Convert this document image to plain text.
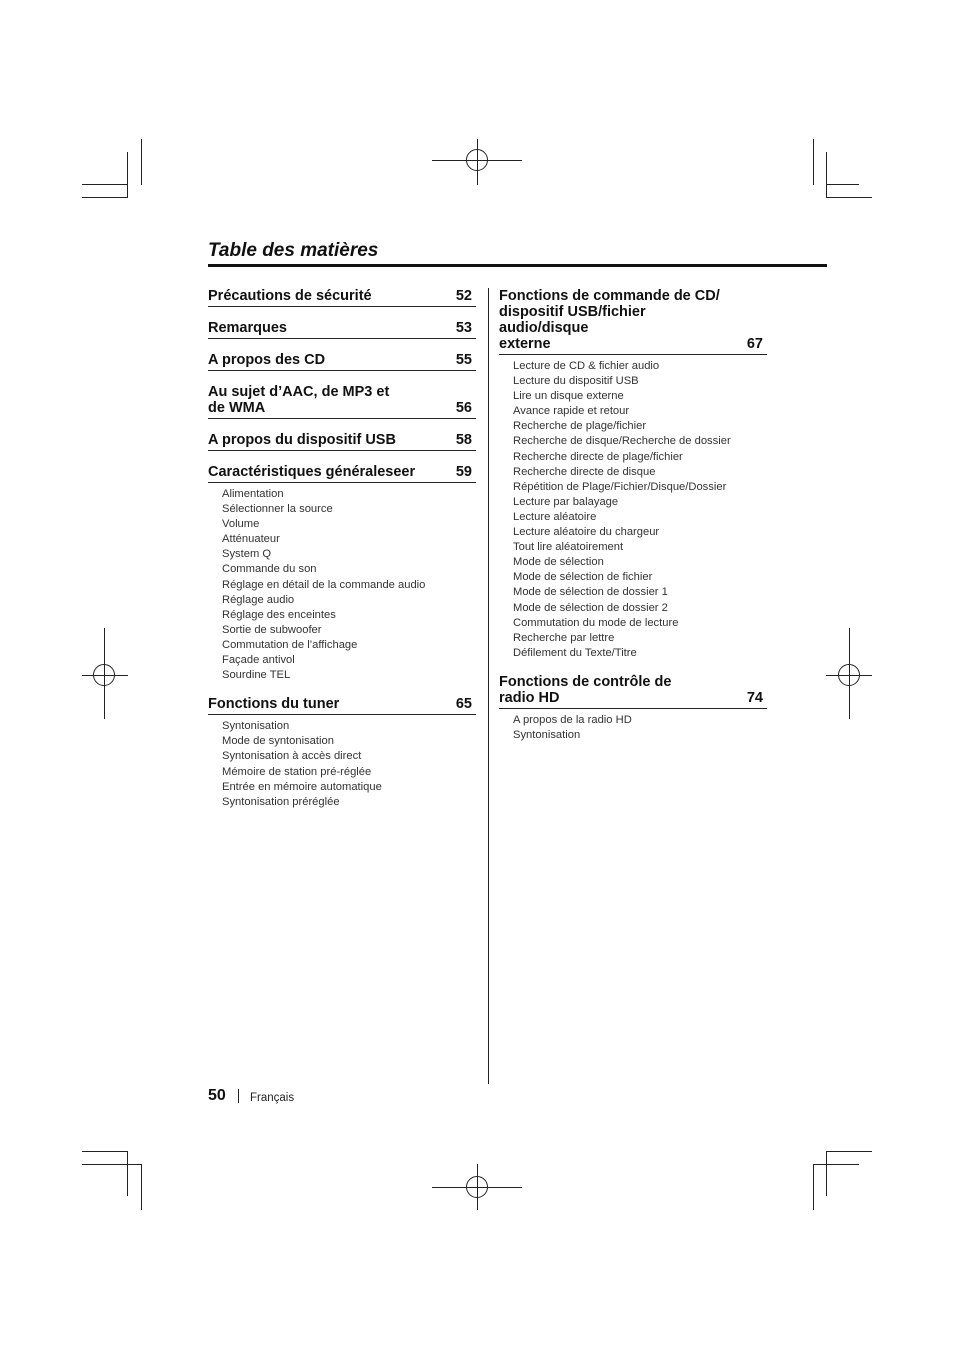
Table des matières
Précautions de sécurité	52
Remarques	53
A propos des CD	55
Au sujet d’AAC, de MP3 et
de WMA	56
A propos du dispositif USB	58
Caractéristiques généraleseer	59
Alimentation
Sélectionner la source
Volume
Atténuateur
System Q
Commande du son
Réglage en détail de la commande audio
Réglage audio
Réglage des enceintes
Sortie de subwoofer
Commutation de l’affichage
Façade antivol
Sourdine TEL
Fonctions du tuner	65
Syntonisation
Mode de syntonisation
Syntonisation à accès direct
Mémoire de station pré-réglée
Entrée en mémoire automatique
Syntonisation préréglée
Fonctions de commande de CD/
dispositif USB/fichier audio/disque
externe	67
Lecture de CD & fichier audio
Lecture du dispositif USB
Lire un disque externe
Avance rapide et retour
Recherche de plage/fichier
Recherche de disque/Recherche de dossier
Recherche directe de plage/fichier
Recherche directe de disque
Répétition de Plage/Fichier/Disque/Dossier
Lecture par balayage
Lecture aléatoire
Lecture aléatoire du chargeur
Tout lire aléatoirement
Mode de sélection
Mode de sélection de fichier
Mode de sélection de dossier 1
Mode de sélection de dossier 2
Commutation du mode de lecture
Recherche par lettre
Défilement du Texte/Titre
Fonctions de contrôle de
radio HD	74
A propos de la radio HD
Syntonisation
50 Français
